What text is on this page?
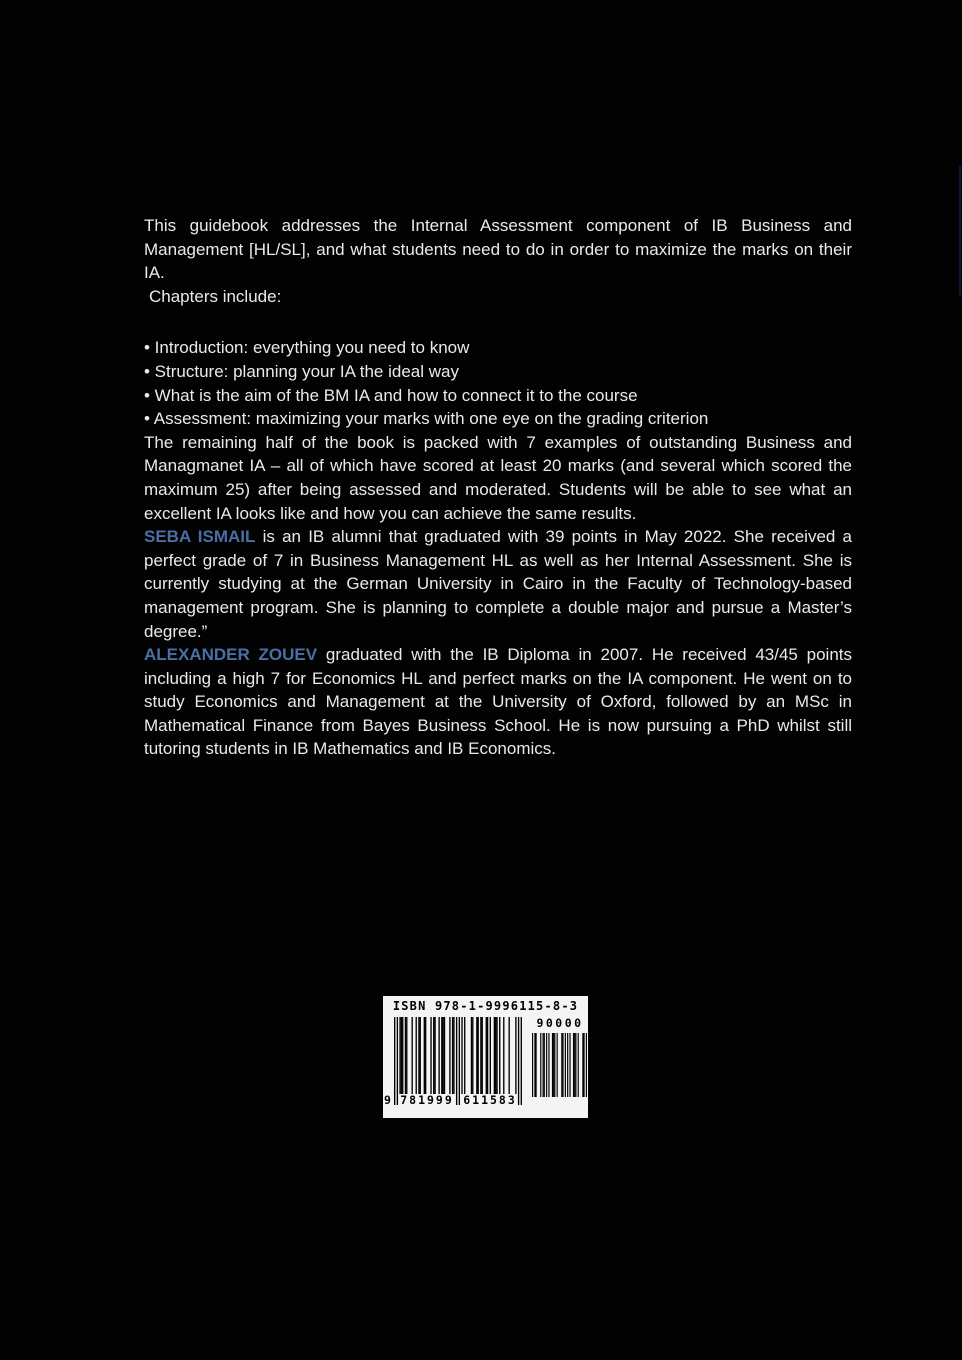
This guidebook addresses the Internal Assessment component of IB Business and Management [HL/SL], and what students need to do in order to maximize the marks on their IA.

Chapters include:

• Introduction: everything you need to know

• Structure: planning your IA the ideal way

• What is the aim of the BM IA and how to connect it to the course

• Assessment: maximizing your marks with one eye on the grading criterion

The remaining half of the book is packed with 7 examples of outstanding Business and Managmanet IA – all of which have scored at least 20 marks (and several which scored the maximum 25) after being assessed and moderated. Students will be able to see what an excellent IA looks like and how you can achieve the same results.

SEBA ISMAIL is an IB alumni that graduated with 39 points in May 2022. She received a perfect grade of 7 in Business Management HL as well as her Internal Assessment. She is currently studying at the German University in Cairo in the Faculty of Technology-based management program. She is planning to complete a double major and pursue a Master’s degree.”

ALEXANDER ZOUEV graduated with the IB Diploma in 2007. He received 43/45 points including a high 7 for Economics HL and perfect marks on the IA component. He went on to study Economics and Management at the University of Oxford, followed by an MSc in Mathematical Finance from Bayes Business School. He is now pursuing a PhD whilst still tutoring students in IB Mathematics and IB Economics.

ISBN 978-1-9996115-8-3
9 781999 611583
90000
